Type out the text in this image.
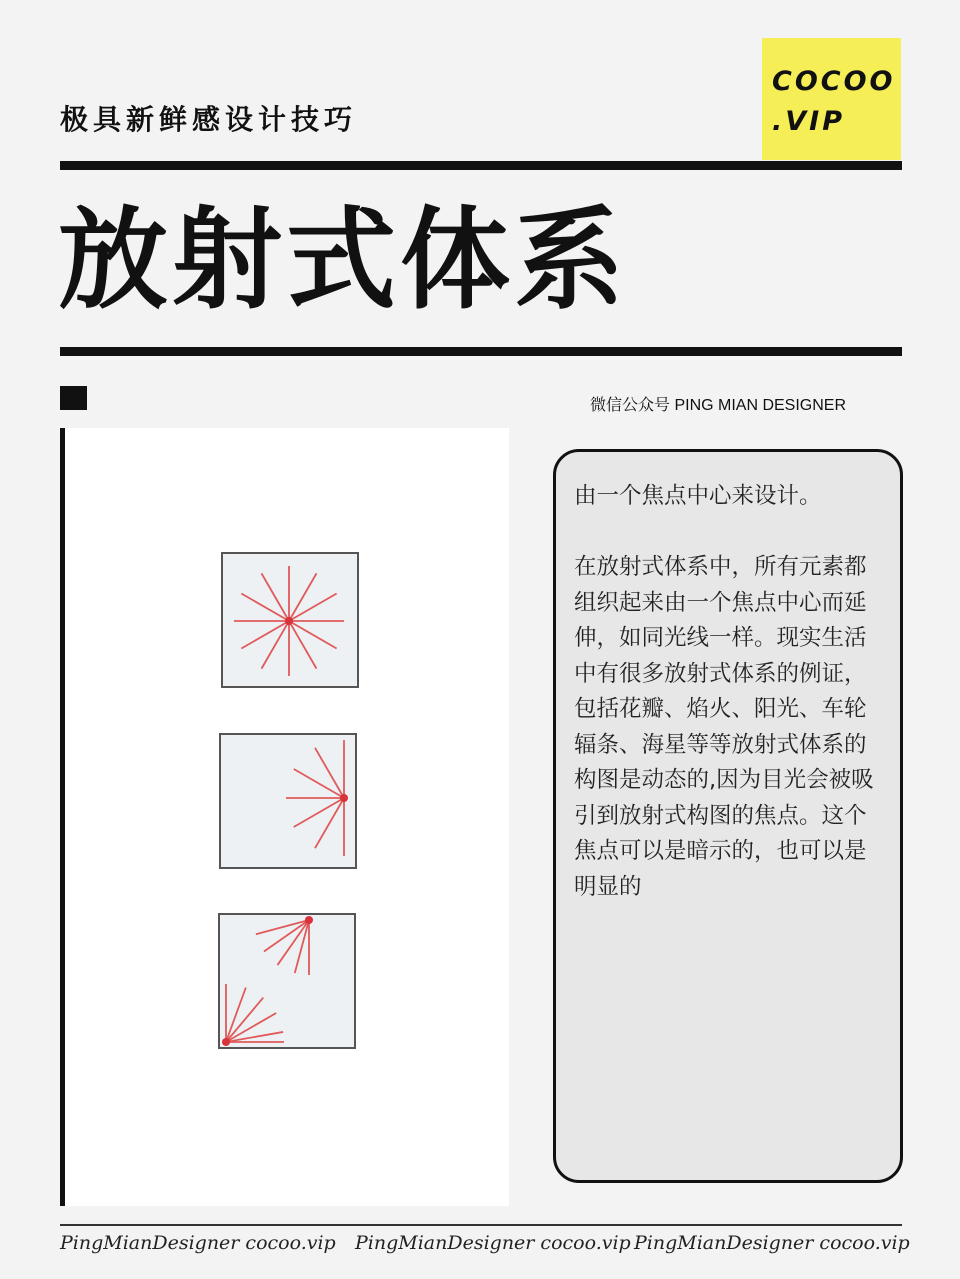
极具新鲜感设计技巧
COCOO
.VIP
放射式体系
微信公众号 PING MIAN DESIGNER

由一个焦点中心来设计。

在放射式体系中，所有元素都组织起来由一个焦点中心而延伸，如同光线一样。现实生活中有很多放射式体系的例证，包括花瓣、焰火、阳光、车轮辐条、海星等等放射式体系的构图是动态的,因为目光会被吸引到放射式构图的焦点。这个焦点可以是暗示的，也可以是明显的

PingMianDesigner cocoo.vip PingMianDesigner cocoo.vip PingMianDesigner cocoo.vip
